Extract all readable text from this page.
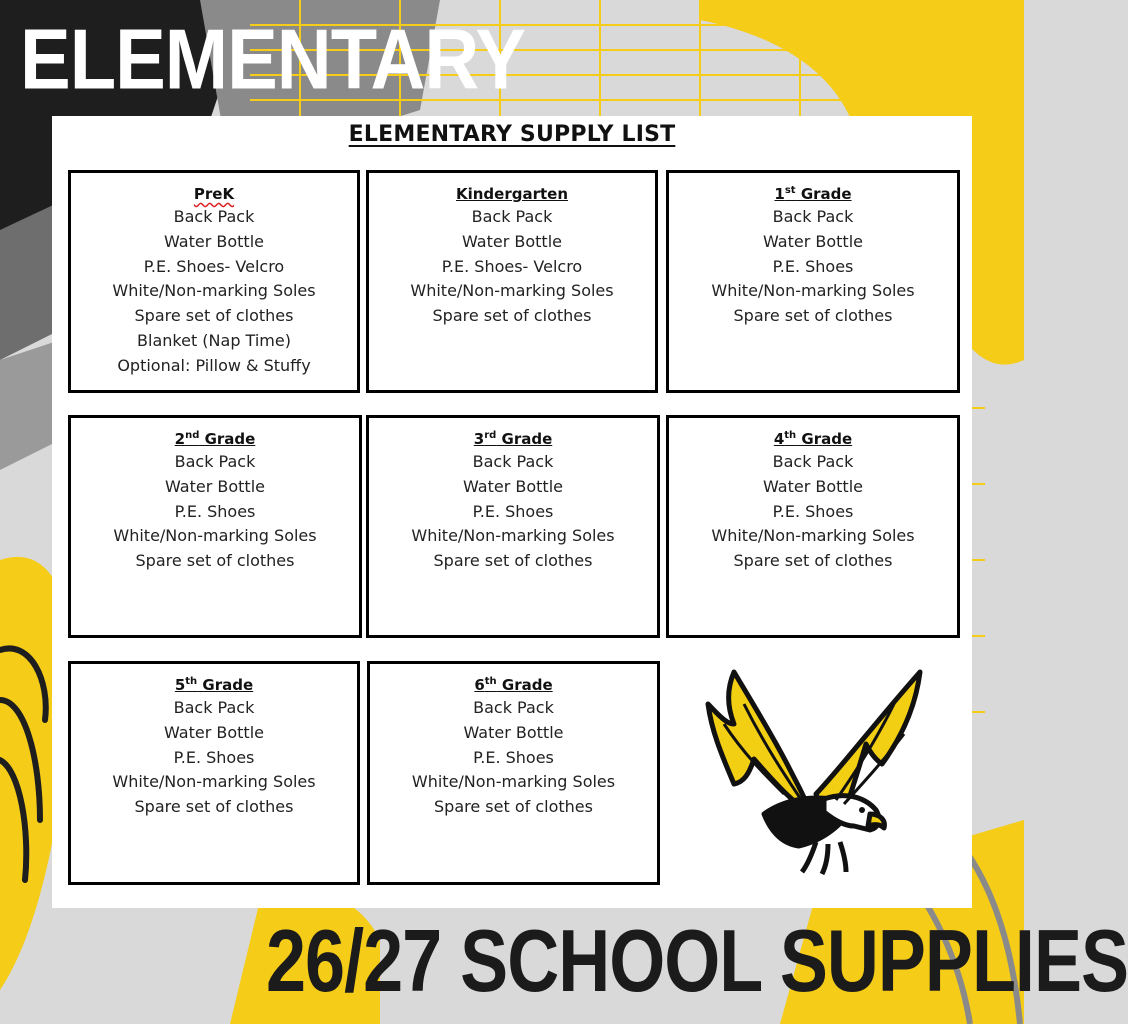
ELEMENTARY
ELEMENTARY SUPPLY LIST
PreK
Back Pack
Water Bottle
P.E. Shoes- Velcro
White/Non-marking Soles
Spare set of clothes
Blanket (Nap Time)
Optional: Pillow & Stuffy
Kindergarten
Back Pack
Water Bottle
P.E. Shoes- Velcro
White/Non-marking Soles
Spare set of clothes
1st Grade
Back Pack
Water Bottle
P.E. Shoes
White/Non-marking Soles
Spare set of clothes
2nd Grade
Back Pack
Water Bottle
P.E. Shoes
White/Non-marking Soles
Spare set of clothes
3rd Grade
Back Pack
Water Bottle
P.E. Shoes
White/Non-marking Soles
Spare set of clothes
4th Grade
Back Pack
Water Bottle
P.E. Shoes
White/Non-marking Soles
Spare set of clothes
5th Grade
Back Pack
Water Bottle
P.E. Shoes
White/Non-marking Soles
Spare set of clothes
6th Grade
Back Pack
Water Bottle
P.E. Shoes
White/Non-marking Soles
Spare set of clothes
26/27 SCHOOL SUPPLIES
